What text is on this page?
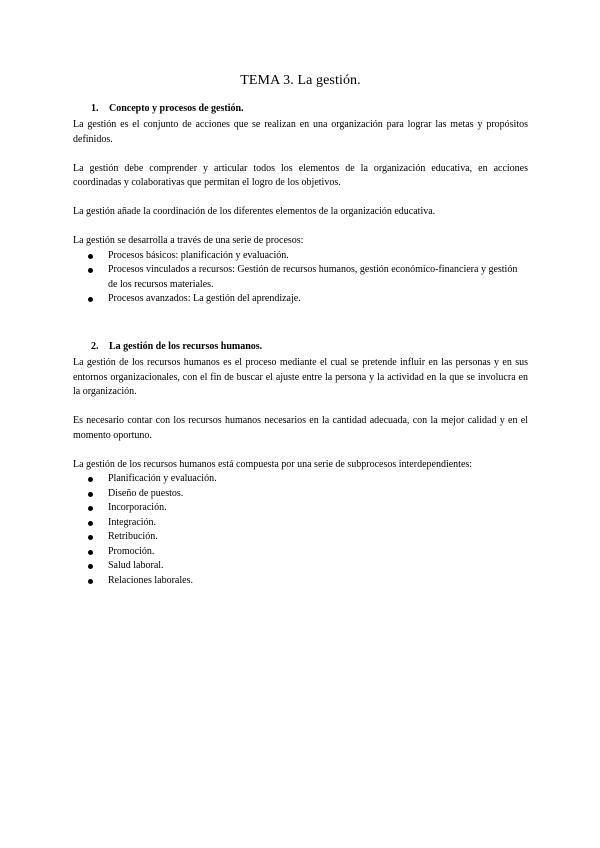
TEMA 3. La gestión.
1. Concepto y procesos de gestión.

La gestión es el conjunto de acciones que se realizan en una organización para lograr las metas y propósitos definidos.

La gestión debe comprender y articular todos los elementos de la organización educativa, en acciones coordinadas y colaborativas que permitan el logro de los objetivos.

La gestión añade la coordinación de los diferentes elementos de la organización educativa.

La gestión se desarrolla a través de una serie de procesos:

Procesos básicos: planificación y evaluación.
Procesos vinculados a recursos: Gestión de recursos humanos, gestión económico-financiera y gestión de los recursos materiales.
Procesos avanzados: La gestión del aprendizaje.
2. La gestión de los recursos humanos.

La gestión de los recursos humanos es el proceso mediante el cual se pretende influir en las personas y en sus entornos organizacionales, con el fin de buscar el ajuste entre la persona y la actividad en la que se involucra en la organización.

Es necesario contar con los recursos humanos necesarios en la cantidad adecuada, con la mejor calidad y en el momento oportuno.

La gestión de los recursos humanos está compuesta por una serie de subprocesos interdependientes:

Planificación y evaluación.
Diseño de puestos.
Incorporación.
Integración.
Retribución.
Promoción.
Salud laboral.
Relaciones laborales.
